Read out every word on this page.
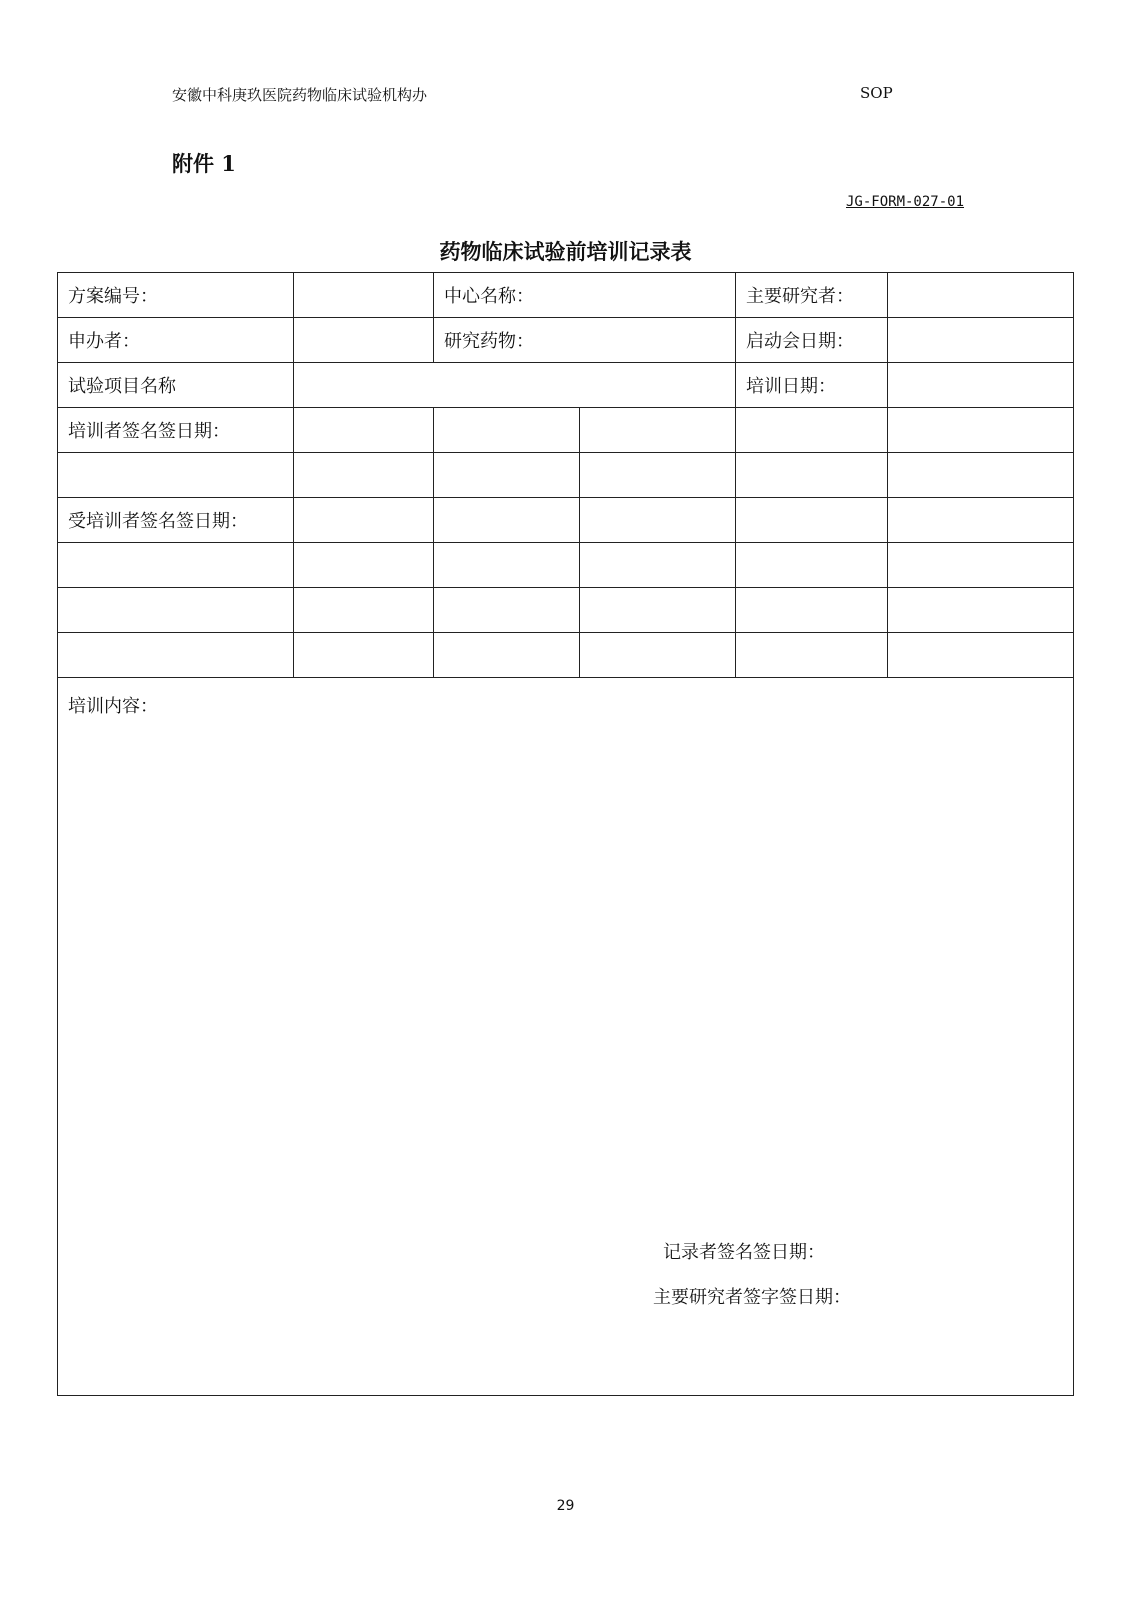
安徽中科庚玖医院药物临床试验机构办	SOP
附件 1
JG-FORM-027-01
药物临床试验前培训记录表
方案编号：		中心名称：		主要研究者：	
申办者：		研究药物：		启动会日期：	
试验项目名称				培训日期：	
培训者签名签日期：					

受培训者签名签日期：					

培训内容：
记录者签名签日期：
主要研究者签字签日期：					
29
